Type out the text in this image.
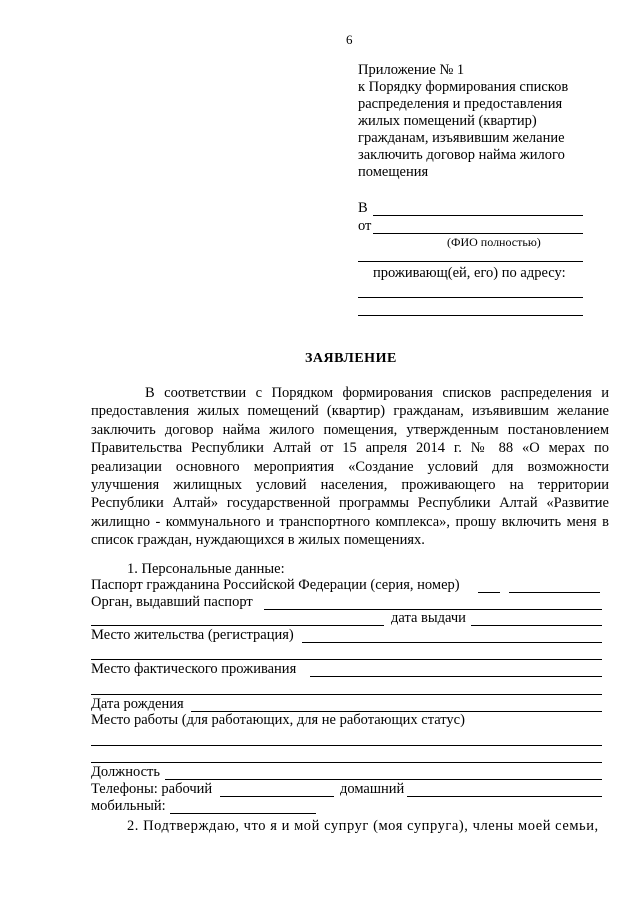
6
Приложение № 1
к Порядку формирования списков
распределения и предоставления
жилых помещений (квартир)
гражданам, изъявившим желание
заключить договор найма жилого
помещения
В
от
(ФИО полностью)
проживающ(ей, его) по адресу:
ЗАЯВЛЕНИЕ
В соответствии с Порядком формирования списков распределения и предоставления жилых помещений (квартир) гражданам, изъявившим желание заключить договор найма жилого помещения, утвержденным постановлением Правительства Республики Алтай от 15 апреля 2014 г. № 88 «О мерах по реализации основного мероприятия «Создание условий для возможности улучшения жилищных условий населения, проживающего на территории Республики Алтай» государственной программы Республики Алтай «Развитие жилищно - коммунального и транспортного комплекса», прошу включить меня в список граждан, нуждающихся в жилых помещениях.
1. Персональные данные:
Паспорт гражданина Российской Федерации (серия, номер)
Орган, выдавший паспорт
дата выдачи
Место жительства (регистрация)
Место фактического проживания
Дата рождения
Место работы (для работающих, для не работающих статус)
Должность
Телефоны: рабочий	домашний
мобильный:
2. Подтверждаю, что я и мой супруг (моя супруга), члены моей семьи,
